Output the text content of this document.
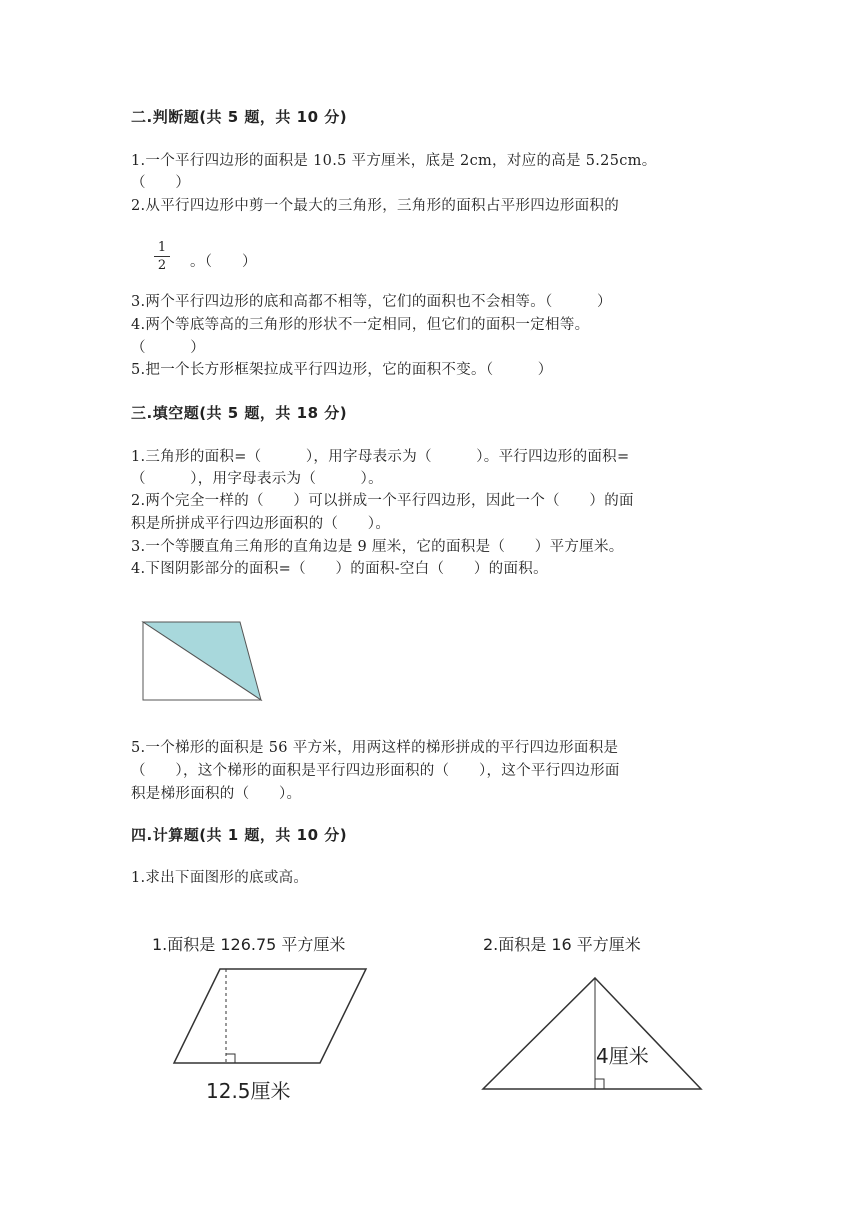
二.判断题(共 5 题，共 10 分)
1.一个平行四边形的面积是 10.5 平方厘米，底是 2cm，对应的高是 5.25cm。
（　　）
2.从平行四边形中剪一个最大的三角形，三角形的面积占平形四边形面积的
1
2 。（　　）
3.两个平行四边形的底和高都不相等，它们的面积也不会相等。（　　　）
4.两个等底等高的三角形的形状不一定相同，但它们的面积一定相等。
（　　　）
5.把一个长方形框架拉成平行四边形，它的面积不变。（　　　）
三.填空题(共 5 题，共 18 分)
1.三角形的面积=（　　　），用字母表示为（　　　）。平行四边形的面积=
（　　　），用字母表示为（　　　）。
2.两个完全一样的（　　）可以拼成一个平行四边形，因此一个（　　）的面
积是所拼成平行四边形面积的（　　）。
3.一个等腰直角三角形的直角边是 9 厘米，它的面积是（　　）平方厘米。
4.下图阴影部分的面积=（　　）的面积-空白（　　）的面积。
5.一个梯形的面积是 56 平方米，用两这样的梯形拼成的平行四边形面积是
（　　），这个梯形的面积是平行四边形面积的（　　），这个平行四边形面
积是梯形面积的（　　）。
四.计算题(共 1 题，共 10 分)
1.求出下面图形的底或高。
1.面积是 126.75 平方厘米
12.5厘米
2.面积是 16 平方厘米
4厘米
